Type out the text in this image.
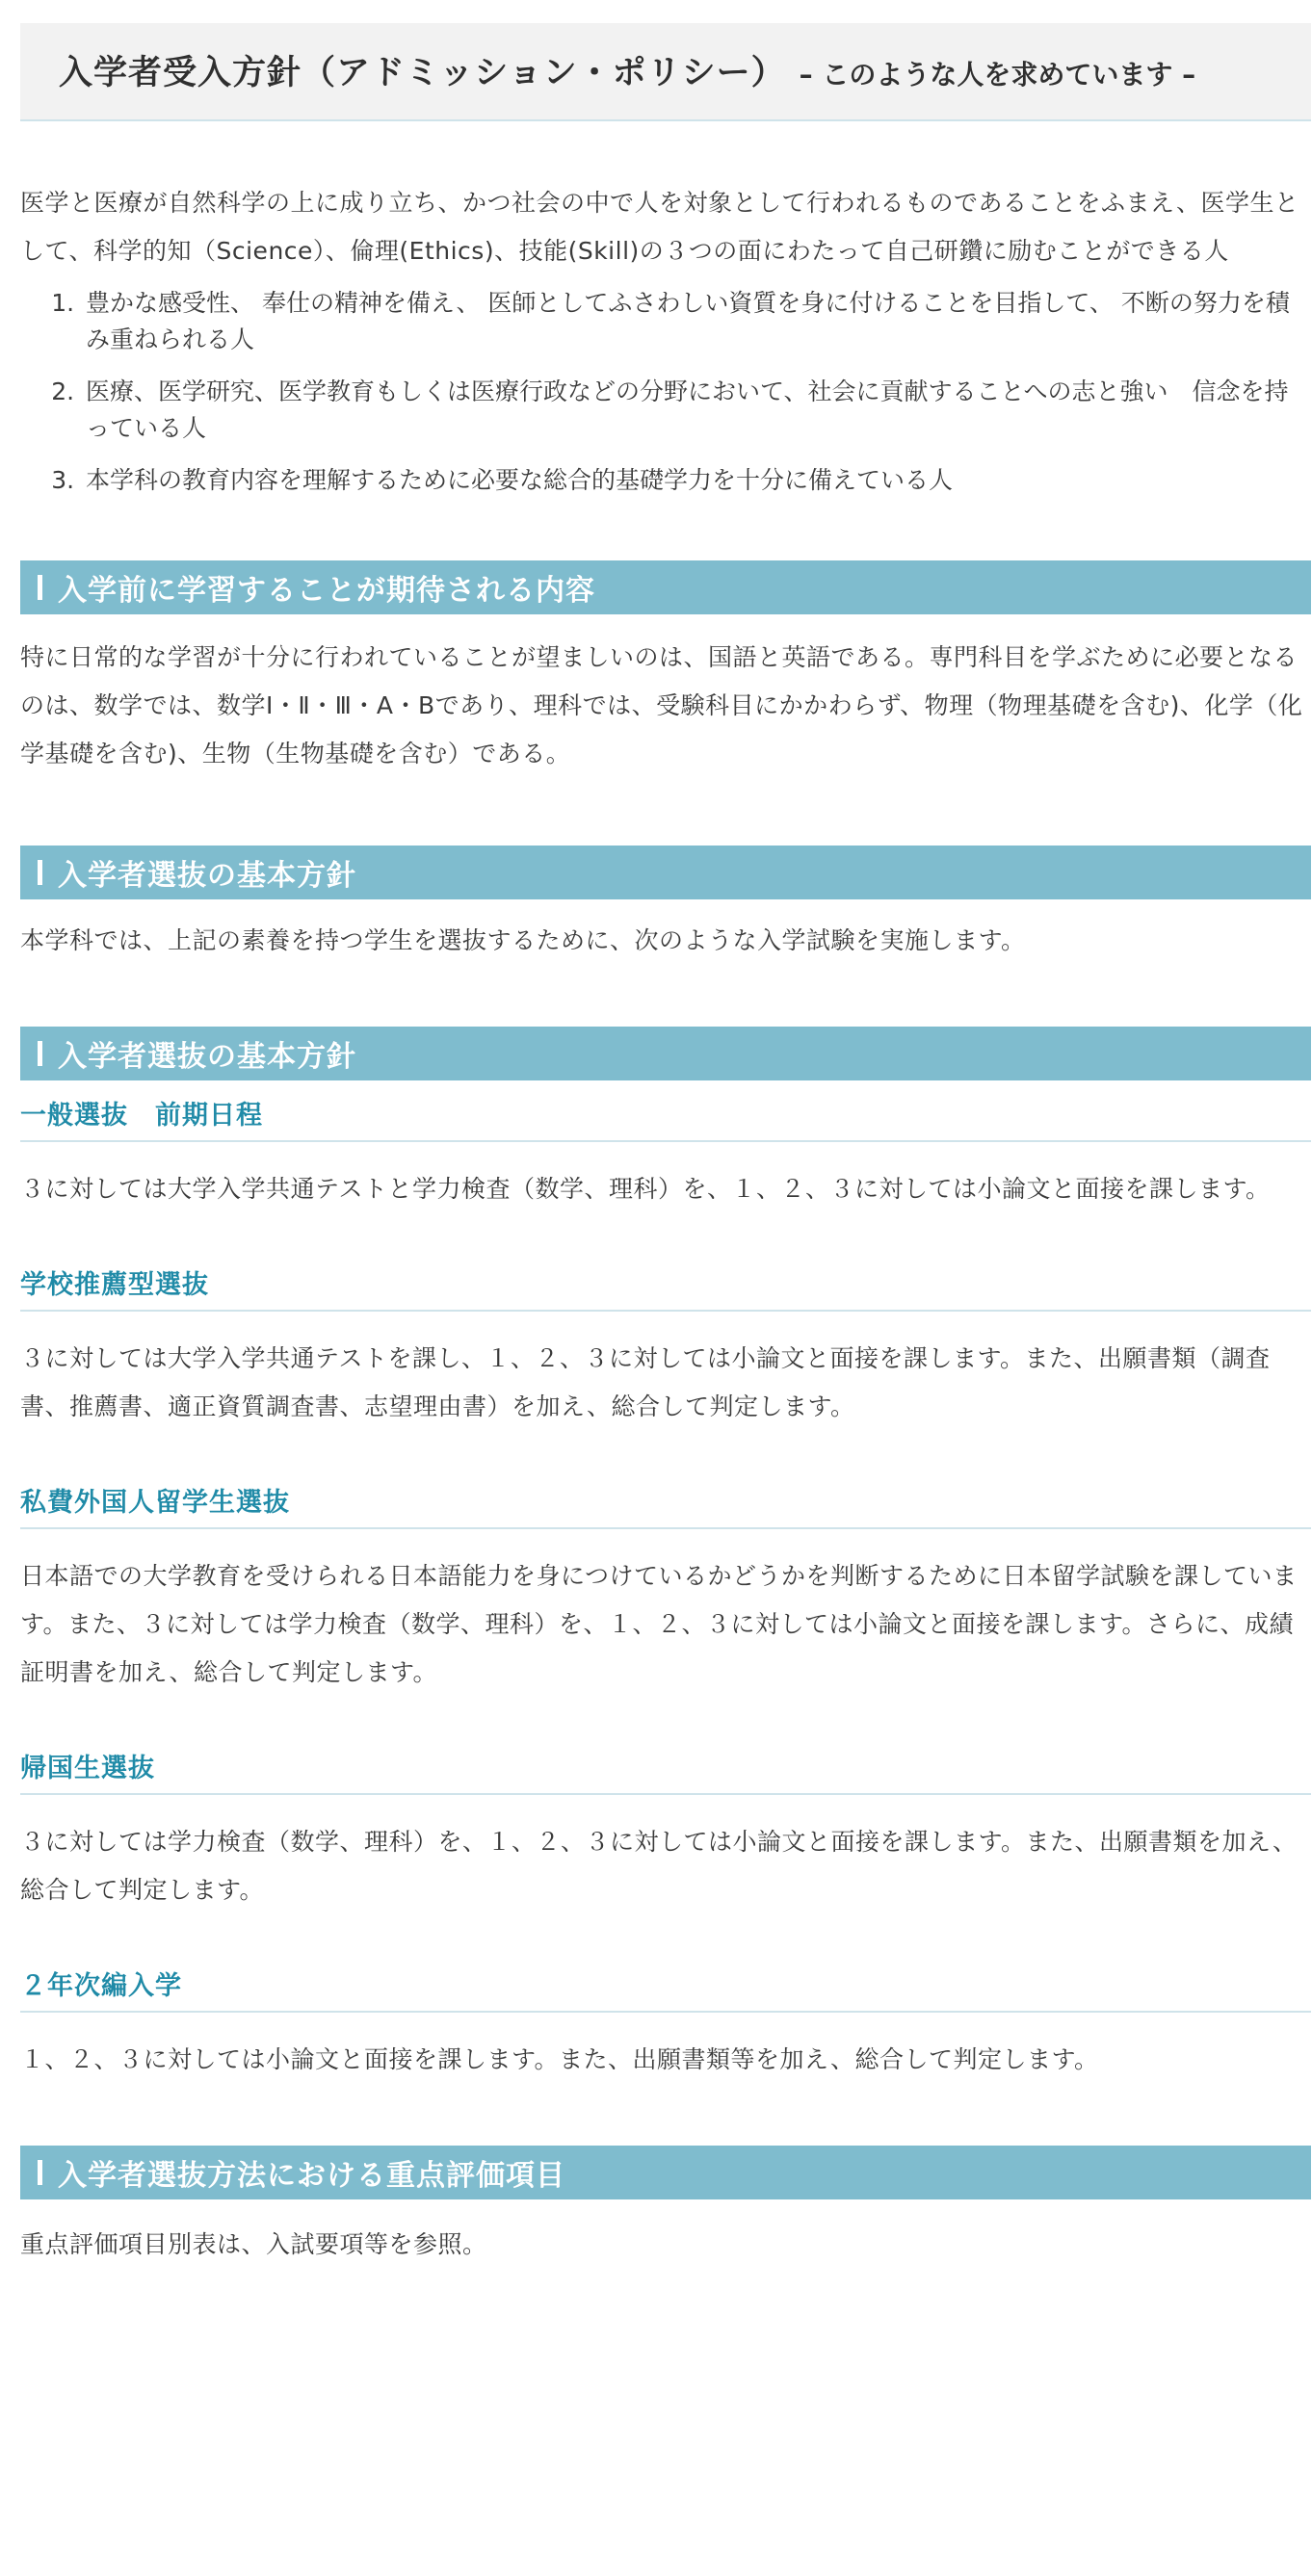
入学者受入方針（アドミッション・ポリシー） – このような人を求めています –

医学と医療が自然科学の上に成り立ち、かつ社会の中で人を対象として行われるものであることをふまえ、医学生として、科学的知（Science）、倫理(Ethics)、技能(Skill)の３つの面にわたって自己研鑽に励むことができる人

1. 豊かな感受性、 奉仕の精神を備え、 医師としてふさわしい資質を身に付けることを目指して、 不断の努力を積み重ねられる人
2. 医療、医学研究、医学教育もしくは医療行政などの分野において、社会に貢献することへの志と強い　信念を持っている人
3. 本学科の教育内容を理解するために必要な総合的基礎学力を十分に備えている人
入学前に学習することが期待される内容

特に日常的な学習が十分に行われていることが望ましいのは、国語と英語である。専門科目を学ぶために必要となるのは、数学では、数学Ⅰ・Ⅱ・Ⅲ・A・Bであり、理科では、受験科目にかかわらず、物理（物理基礎を含む)、化学（化学基礎を含む)、生物（生物基礎を含む）である。

入学者選抜の基本方針

本学科では、上記の素養を持つ学生を選抜するために、次のような入学試験を実施します。

入学者選抜の基本方針
一般選抜　前期日程

３に対しては大学入学共通テストと学力検査（数学、理科）を、１、２、３に対しては小論文と面接を課します。

学校推薦型選抜

３に対しては大学入学共通テストを課し、１、２、３に対しては小論文と面接を課します。また、出願書類（調査書、推薦書、適正資質調査書、志望理由書）を加え、総合して判定します。

私費外国人留学生選抜

日本語での大学教育を受けられる日本語能力を身につけているかどうかを判断するために日本留学試験を課しています。また、３に対しては学力検査（数学、理科）を、１、２、３に対しては小論文と面接を課します。さらに、成績証明書を加え、総合して判定します。

帰国生選抜

３に対しては学力検査（数学、理科）を、１、２、３に対しては小論文と面接を課します。また、出願書類を加え、総合して判定します。

２年次編入学

１、２、３に対しては小論文と面接を課します。また、出願書類等を加え、総合して判定します。

入学者選抜方法における重点評価項目

重点評価項目別表は、入試要項等を参照。
